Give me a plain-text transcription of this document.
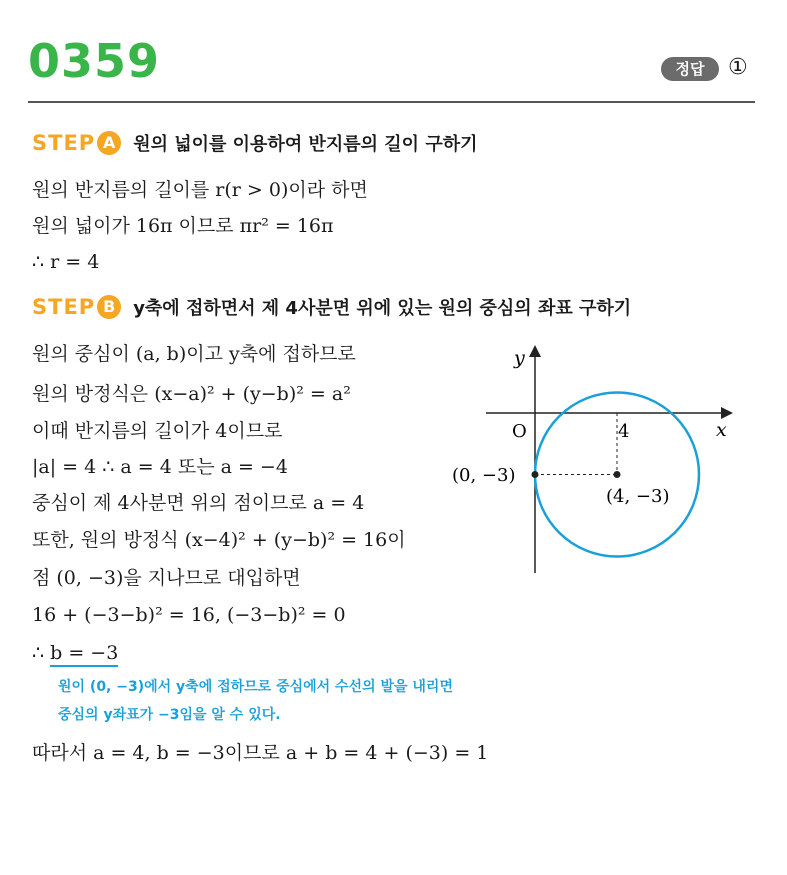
0359	정답	①
STEP A 원의 넓이를 이용하여 반지름의 길이 구하기
원의 반지름의 길이를 r(r > 0)이라 하면
원의 넓이가 16π 이므로 πr² = 16π
∴ r = 4
STEP B y축에 접하면서 제 4사분면 위에 있는 원의 중심의 좌표 구하기
원의 중심이 (a, b)이고 y축에 접하므로
원의 방정식은 (x−a)² + (y−b)² = a²
이때 반지름의 길이가 4이므로
|a| = 4 ∴ a = 4 또는 a = −4
중심이 제 4사분면 위의 점이므로 a = 4
또한, 원의 방정식 (x−4)² + (y−b)² = 16이
점 (0, −3)을 지나므로 대입하면
16 + (−3−b)² = 16, (−3−b)² = 0
∴ b = −3
원이 (0, −3)에서 y축에 접하므로 중심에서 수선의 발을 내리면
중심의 y좌표가 −3임을 알 수 있다.
따라서 a = 4, b = −3이므로 a + b = 4 + (−3) = 1
y
x
O	4
(0, −3)
(4, −3)
